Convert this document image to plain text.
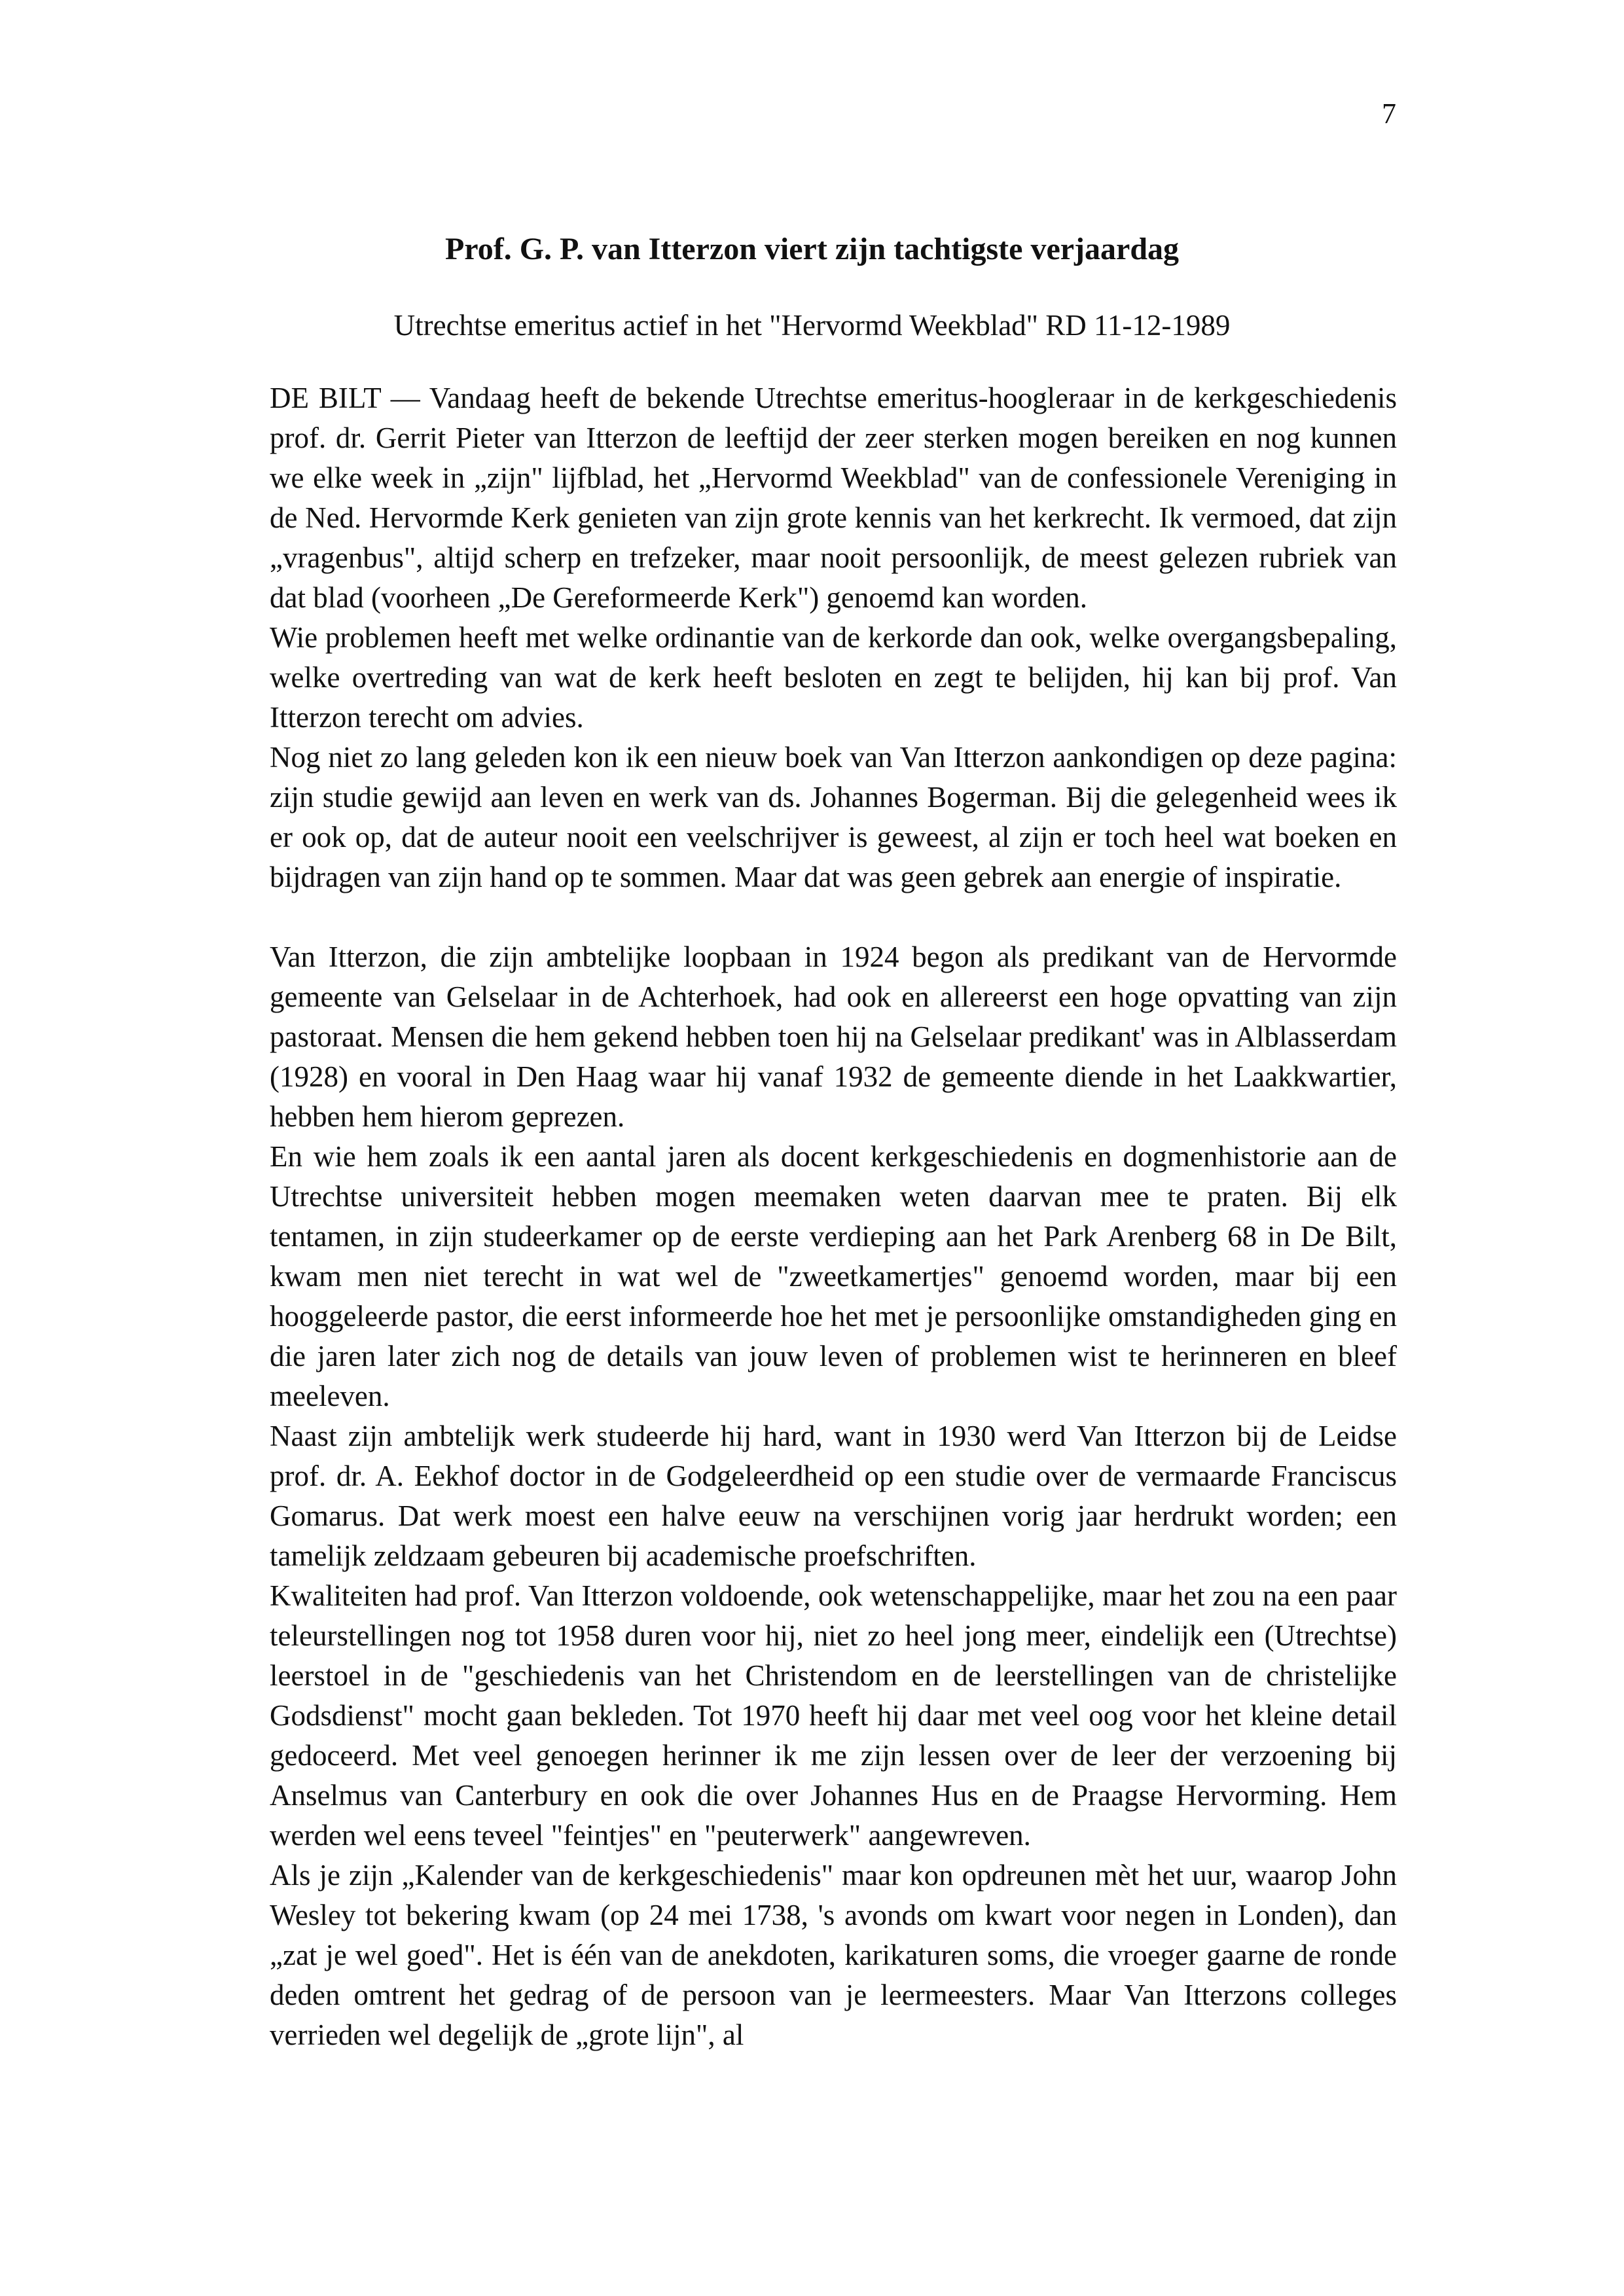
7
Prof. G. P. van Itterzon viert zijn tachtigste verjaardag
Utrechtse emeritus actief in het "Hervormd Weekblad" RD 11-12-1989

DE BILT — Vandaag heeft de bekende Utrechtse emeritus-hoogleraar in de kerkgeschiedenis prof. dr. Gerrit Pieter van Itterzon de leeftijd der zeer sterken mogen bereiken en nog kunnen we elke week in „zijn" lijfblad, het „Hervormd Weekblad" van de confessionele Vereniging in de Ned. Hervormde Kerk genieten van zijn grote kennis van het kerkrecht. Ik vermoed, dat zijn „vragenbus", altijd scherp en trefzeker, maar nooit persoonlijk, de meest gelezen rubriek van dat blad (voorheen „De Gereformeerde Kerk") genoemd kan worden.

Wie problemen heeft met welke ordinantie van de kerkorde dan ook, welke overgangsbepaling, welke overtreding van wat de kerk heeft besloten en zegt te belijden, hij kan bij prof. Van Itterzon terecht om advies.

Nog niet zo lang geleden kon ik een nieuw boek van Van Itterzon aankondigen op deze pagina: zijn studie gewijd aan leven en werk van ds. Johannes Bogerman. Bij die gelegenheid wees ik er ook op, dat de auteur nooit een veelschrijver is geweest, al zijn er toch heel wat boeken en bijdragen van zijn hand op te sommen. Maar dat was geen gebrek aan energie of inspiratie.

Van Itterzon, die zijn ambtelijke loopbaan in 1924 begon als predikant van de Hervormde gemeente van Gelselaar in de Achterhoek, had ook en allereerst een hoge opvatting van zijn pastoraat. Mensen die hem gekend hebben toen hij na Gelselaar predikant' was in Alblasserdam (1928) en vooral in Den Haag waar hij vanaf 1932 de gemeente diende in het Laakkwartier, hebben hem hierom geprezen.

En wie hem zoals ik een aantal jaren als docent kerkgeschiedenis en dogmenhistorie aan de Utrechtse universiteit hebben mogen meemaken weten daarvan mee te praten. Bij elk tentamen, in zijn studeerkamer op de eerste verdieping aan het Park Arenberg 68 in De Bilt, kwam men niet terecht in wat wel de "zweetkamertjes" genoemd worden, maar bij een hooggeleerde pastor, die eerst informeerde hoe het met je persoonlijke omstandigheden ging en die jaren later zich nog de details van jouw leven of problemen wist te herinneren en bleef meeleven.

Naast zijn ambtelijk werk studeerde hij hard, want in 1930 werd Van Itterzon bij de Leidse prof. dr. A. Eekhof doctor in de Godgeleerdheid op een studie over de vermaarde Franciscus Gomarus. Dat werk moest een halve eeuw na verschijnen vorig jaar herdrukt worden; een tamelijk zeldzaam gebeuren bij academische proefschriften.

Kwaliteiten had prof. Van Itterzon voldoende, ook wetenschappelijke, maar het zou na een paar teleurstellingen nog tot 1958 duren voor hij, niet zo heel jong meer, eindelijk een (Utrechtse) leerstoel in de "geschiedenis van het Christendom en de leerstellingen van de christelijke Godsdienst" mocht gaan bekleden. Tot 1970 heeft hij daar met veel oog voor het kleine detail gedoceerd. Met veel genoegen herinner ik me zijn lessen over de leer der verzoening bij Anselmus van Canterbury en ook die over Johannes Hus en de Praagse Hervorming. Hem werden wel eens teveel "feintjes" en "peuterwerk" aangewreven.

Als je zijn „Kalender van de kerkgeschiedenis" maar kon opdreunen mèt het uur, waarop John Wesley tot bekering kwam (op 24 mei 1738, 's avonds om kwart voor negen in Londen), dan „zat je wel goed". Het is één van de anekdoten, karikaturen soms, die vroeger gaarne de ronde deden omtrent het gedrag of de persoon van je leermeesters. Maar Van Itterzons colleges verrieden wel degelijk de „grote lijn", al
